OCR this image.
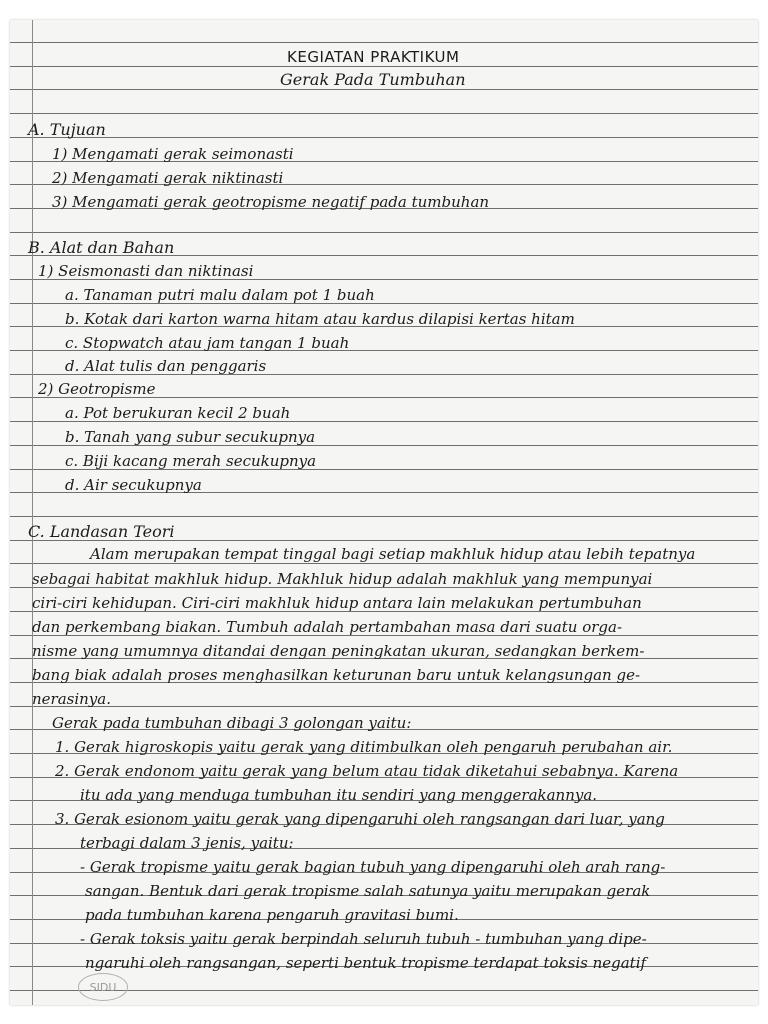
KEGIATAN PRAKTIKUM
Gerak Pada Tumbuhan
A. Tujuan
1) Mengamati gerak seimonasti
2) Mengamati gerak niktinasti
3) Mengamati gerak geotropisme negatif pada tumbuhan
B. Alat dan Bahan
1) Seismonasti dan niktinasi
a. Tanaman putri malu dalam pot 1 buah
b. Kotak dari karton warna hitam atau kardus dilapisi kertas hitam
c. Stopwatch atau jam tangan 1 buah
d. Alat tulis dan penggaris
2) Geotropisme
a. Pot berukuran kecil 2 buah
b. Tanah yang subur secukupnya
c. Biji kacang merah secukupnya
d. Air secukupnya
C. Landasan Teori
Alam merupakan tempat tinggal bagi setiap makhluk hidup atau lebih tepatnya
sebagai habitat makhluk hidup. Makhluk hidup adalah makhluk yang mempunyai
ciri-ciri kehidupan. Ciri-ciri makhluk hidup antara lain melakukan pertumbuhan
dan perkembang biakan. Tumbuh adalah pertambahan masa dari suatu orga-
nisme yang umumnya ditandai dengan peningkatan ukuran, sedangkan berkem-
bang biak adalah proses menghasilkan keturunan baru untuk kelangsungan ge-
nerasinya.
Gerak pada tumbuhan dibagi 3 golongan yaitu:
1. Gerak higroskopis yaitu gerak yang ditimbulkan oleh pengaruh perubahan air.
2. Gerak endonom yaitu gerak yang belum atau tidak diketahui sebabnya. Karena
itu ada yang menduga tumbuhan itu sendiri yang menggerakannya.
3. Gerak esionom yaitu gerak yang dipengaruhi oleh rangsangan dari luar, yang
terbagi dalam 3 jenis, yaitu:
- Gerak tropisme yaitu gerak bagian tubuh yang dipengaruhi oleh arah rang-
sangan. Bentuk dari gerak tropisme salah satunya yaitu merupakan gerak
pada tumbuhan karena pengaruh gravitasi bumi.
- Gerak toksis yaitu gerak berpindah seluruh tubuh - tumbuhan yang dipe-
ngaruhi oleh rangsangan, seperti bentuk tropisme terdapat toksis negatif
SIDU
